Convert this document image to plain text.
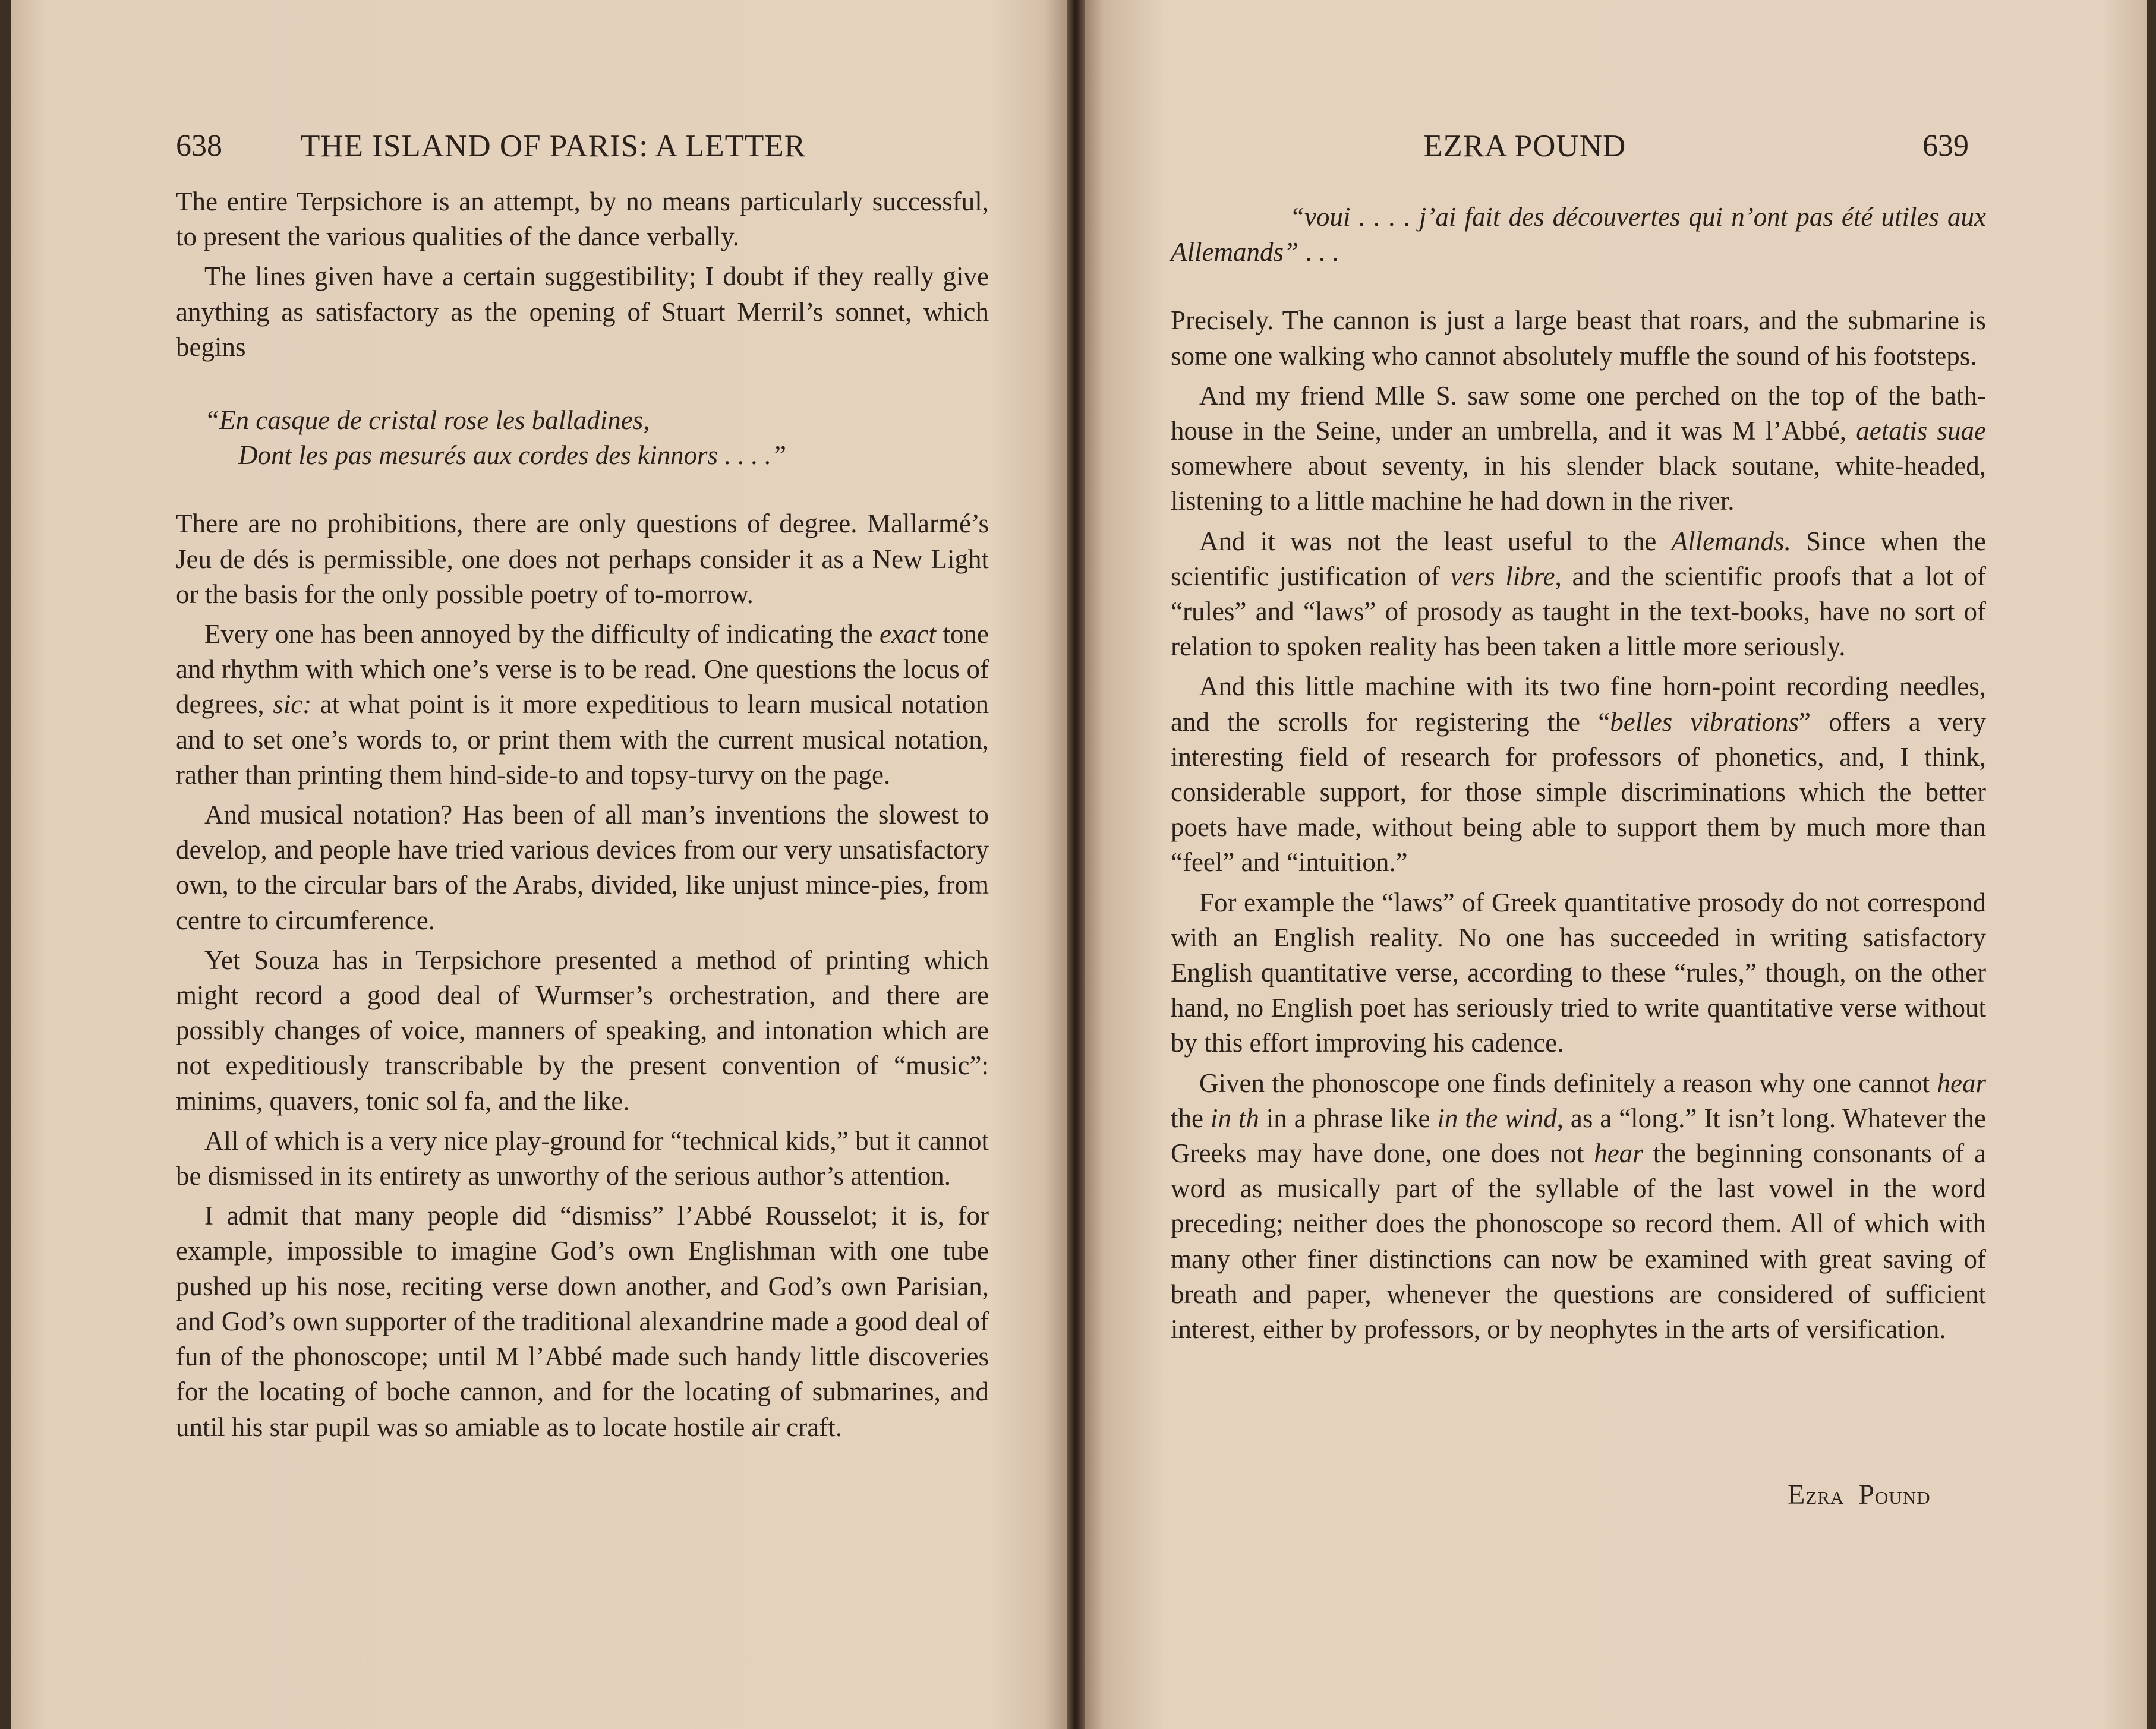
638 THE ISLAND OF PARIS: A LETTER

The entire Terpsichore is an attempt, by no means particularly successful, to present the various qualities of the dance verbally.

The lines given have a certain suggestibility; I doubt if they really give anything as satisfactory as the opening of Stuart Merril’s sonnet, which begins

“En casque de cristal rose les balladines,
Dont les pas mesurés aux cordes des kinnors . . . .”

There are no prohibitions, there are only questions of degree. Mallarmé’s Jeu de dés is permissible, one does not perhaps consider it as a New Light or the basis for the only possible poetry of to-morrow.

Every one has been annoyed by the difficulty of indicating the exact tone and rhythm with which one’s verse is to be read. One questions the locus of degrees, sic: at what point is it more expeditious to learn musical notation and to set one’s words to, or print them with the current musical notation, rather than printing them hind-side-to and topsy-turvy on the page.

And musical notation? Has been of all man’s inventions the slowest to develop, and people have tried various devices from our very unsatisfactory own, to the circular bars of the Arabs, divided, like unjust mince-pies, from centre to circumference.

Yet Souza has in Terpsichore presented a method of printing which might record a good deal of Wurmser’s orchestration, and there are possibly changes of voice, manners of speaking, and intonation which are not expeditiously transcribable by the present convention of “music”: minims, quavers, tonic sol fa, and the like.

All of which is a very nice play-ground for “technical kids,” but it cannot be dismissed in its entirety as unworthy of the serious author’s attention.

I admit that many people did “dismiss” l’Abbé Rousselot; it is, for example, impossible to imagine God’s own Englishman with one tube pushed up his nose, reciting verse down another, and God’s own Parisian, and God’s own supporter of the traditional alexandrine made a good deal of fun of the phonoscope; until M l’Abbé made such handy little discoveries for the locating of boche cannon, and for the locating of submarines, and until his star pupil was so amiable as to locate hostile air craft.

EZRA POUND	639

“voui . . . . j’ai fait des découvertes qui n’ont pas été utiles aux Allemands” . . .

Precisely. The cannon is just a large beast that roars, and the submarine is some one walking who cannot absolutely muffle the sound of his footsteps.

And my friend Mlle S. saw some one perched on the top of the bath-house in the Seine, under an umbrella, and it was M l’Abbé, aetatis suae somewhere about seventy, in his slender black soutane, white-headed, listening to a little machine he had down in the river.

And it was not the least useful to the Allemands. Since when the scientific justification of vers libre, and the scientific proofs that a lot of “rules” and “laws” of prosody as taught in the text-books, have no sort of relation to spoken reality has been taken a little more seriously.

And this little machine with its two fine horn-point recording needles, and the scrolls for registering the “belles vibrations” offers a very interesting field of research for professors of phonetics, and, I think, considerable support, for those simple discriminations which the better poets have made, without being able to support them by much more than “feel” and “intuition.”

For example the “laws” of Greek quantitative prosody do not correspond with an English reality. No one has succeeded in writing satisfactory English quantitative verse, according to these “rules,” though, on the other hand, no English poet has seriously tried to write quantitative verse without by this effort improving his cadence.

Given the phonoscope one finds definitely a reason why one cannot hear the in th in a phrase like in the wind, as a “long.” It isn’t long. Whatever the Greeks may have done, one does not hear the beginning consonants of a word as musically part of the syllable of the last vowel in the word preceding; neither does the phonoscope so record them. All of which with many other finer distinctions can now be examined with great saving of breath and paper, whenever the questions are considered of sufficient interest, either by professors, or by neophytes in the arts of versification.

Ezra Pound
